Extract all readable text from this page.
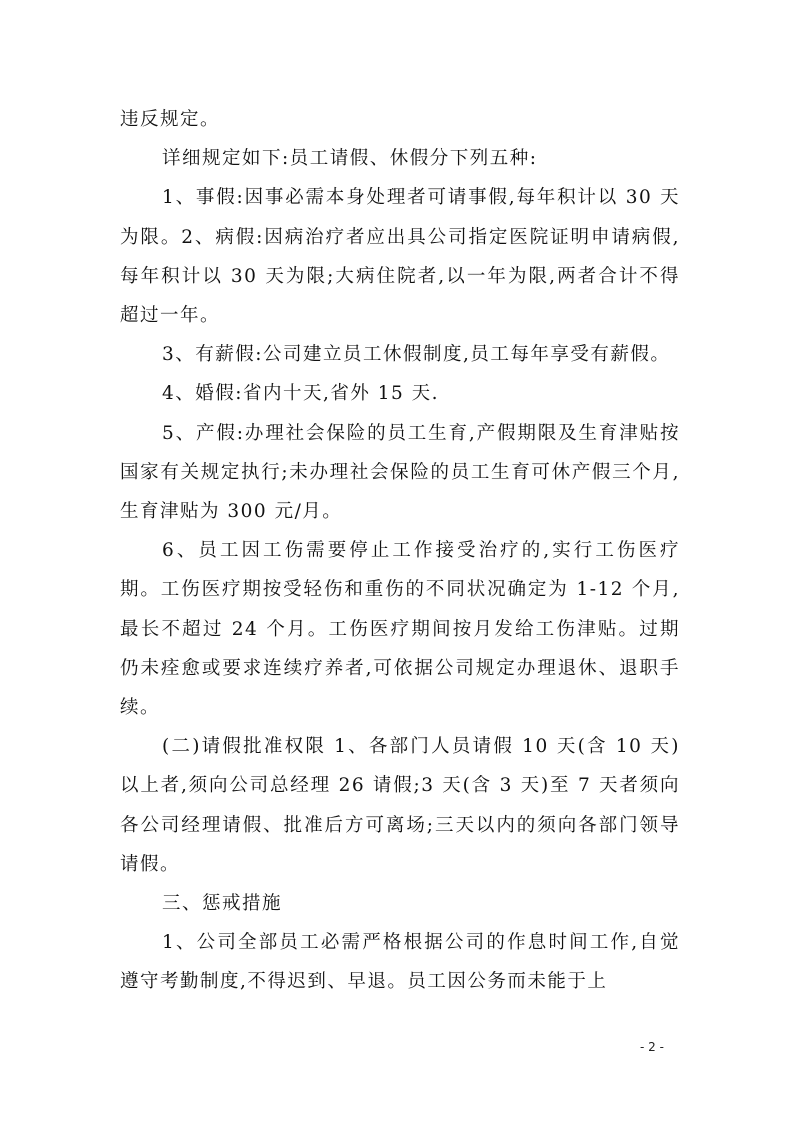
违反规定。

详细规定如下:员工请假、休假分下列五种:

1、事假:因事必需本身处理者可请事假,每年积计以 30 天为限。2、病假:因病治疗者应出具公司指定医院证明申请病假,每年积计以 30 天为限;大病住院者,以一年为限,两者合计不得超过一年。

3、有薪假:公司建立员工休假制度,员工每年享受有薪假。

4、婚假:省内十天,省外 15 天.

5、产假:办理社会保险的员工生育,产假期限及生育津贴按国家有关规定执行;未办理社会保险的员工生育可休产假三个月,生育津贴为 300 元/月。

6、员工因工伤需要停止工作接受治疗的,实行工伤医疗期。工伤医疗期按受轻伤和重伤的不同状况确定为 1-12 个月,最长不超过 24 个月。工伤医疗期间按月发给工伤津贴。过期仍未痊愈或要求连续疗养者,可依据公司规定办理退休、退职手续。

(二)请假批准权限 1、各部门人员请假 10 天(含 10 天)以上者,须向公司总经理 26 请假;3 天(含 3 天)至 7 天者须向各公司经理请假、批准后方可离场;三天以内的须向各部门领导请假。

三、惩戒措施

1、公司全部员工必需严格根据公司的作息时间工作,自觉遵守考勤制度,不得迟到、早退。员工因公务而未能于上

- 2 -
